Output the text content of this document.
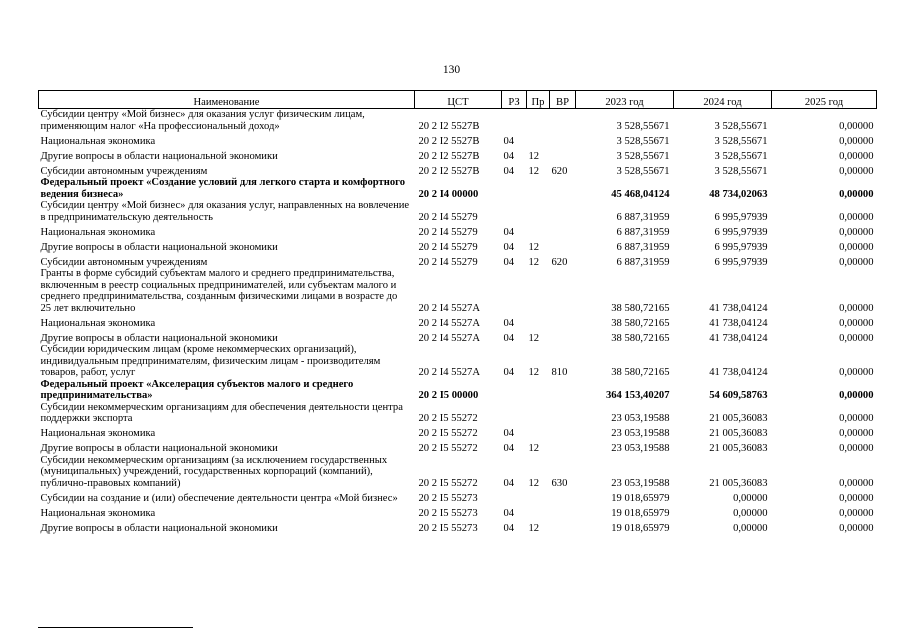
130
Наименование	ЦСТ	РЗ	Пр	ВР	2023 год	2024 год	2025 год
Субсидии центру «Мой бизнес» для оказания услуг физическим лицам, применяющим налог «На профессиональный доход»	20 2 I2 5527В				3 528,55671	3 528,55671	0,00000
Национальная экономика	20 2 I2 5527В	04			3 528,55671	3 528,55671	0,00000
Другие вопросы в области национальной экономики	20 2 I2 5527В	04	12		3 528,55671	3 528,55671	0,00000
Субсидии автономным учреждениям	20 2 I2 5527В	04	12	620	3 528,55671	3 528,55671	0,00000
Федеральный проект «Создание условий для легкого старта и комфортного ведения бизнеса»	20 2 I4 00000				45 468,04124	48 734,02063	0,00000
Субсидии центру «Мой бизнес» для оказания услуг, направленных на вовлечение в предпринимательскую деятельность	20 2 I4 55279				6 887,31959	6 995,97939	0,00000
Национальная экономика	20 2 I4 55279	04			6 887,31959	6 995,97939	0,00000
Другие вопросы в области национальной экономики	20 2 I4 55279	04	12		6 887,31959	6 995,97939	0,00000
Субсидии автономным учреждениям	20 2 I4 55279	04	12	620	6 887,31959	6 995,97939	0,00000
Гранты в форме субсидий субъектам малого и среднего предпринимательства, включенным в реестр социальных предпринимателей, или субъектам малого и среднего предпринимательства, созданным физическими лицами в возрасте до 25 лет включительно	20 2 I4 5527А				38 580,72165	41 738,04124	0,00000
Национальная экономика	20 2 I4 5527А	04			38 580,72165	41 738,04124	0,00000
Другие вопросы в области национальной экономики	20 2 I4 5527А	04	12		38 580,72165	41 738,04124	0,00000
Субсидии юридическим лицам (кроме некоммерческих организаций), индивидуальным предпринимателям, физическим лицам - производителям товаров, работ, услуг	20 2 I4 5527А	04	12	810	38 580,72165	41 738,04124	0,00000
Федеральный проект «Акселерация субъектов малого и среднего предпринимательства»	20 2 I5 00000				364 153,40207	54 609,58763	0,00000
Субсидии некоммерческим организациям для обеспечения деятельности центра поддержки экспорта	20 2 I5 55272				23 053,19588	21 005,36083	0,00000
Национальная экономика	20 2 I5 55272	04			23 053,19588	21 005,36083	0,00000
Другие вопросы в области национальной экономики	20 2 I5 55272	04	12		23 053,19588	21 005,36083	0,00000
Субсидии некоммерческим организациям (за исключением государственных (муниципальных) учреждений, государственных корпораций (компаний), публично-правовых компаний)	20 2 I5 55272	04	12	630	23 053,19588	21 005,36083	0,00000
Субсидии на создание и (или) обеспечение деятельности центра «Мой бизнес»	20 2 I5 55273				19 018,65979	0,00000	0,00000
Национальная экономика	20 2 I5 55273	04			19 018,65979	0,00000	0,00000
Другие вопросы в области национальной экономики	20 2 I5 55273	04	12		19 018,65979	0,00000	0,00000
